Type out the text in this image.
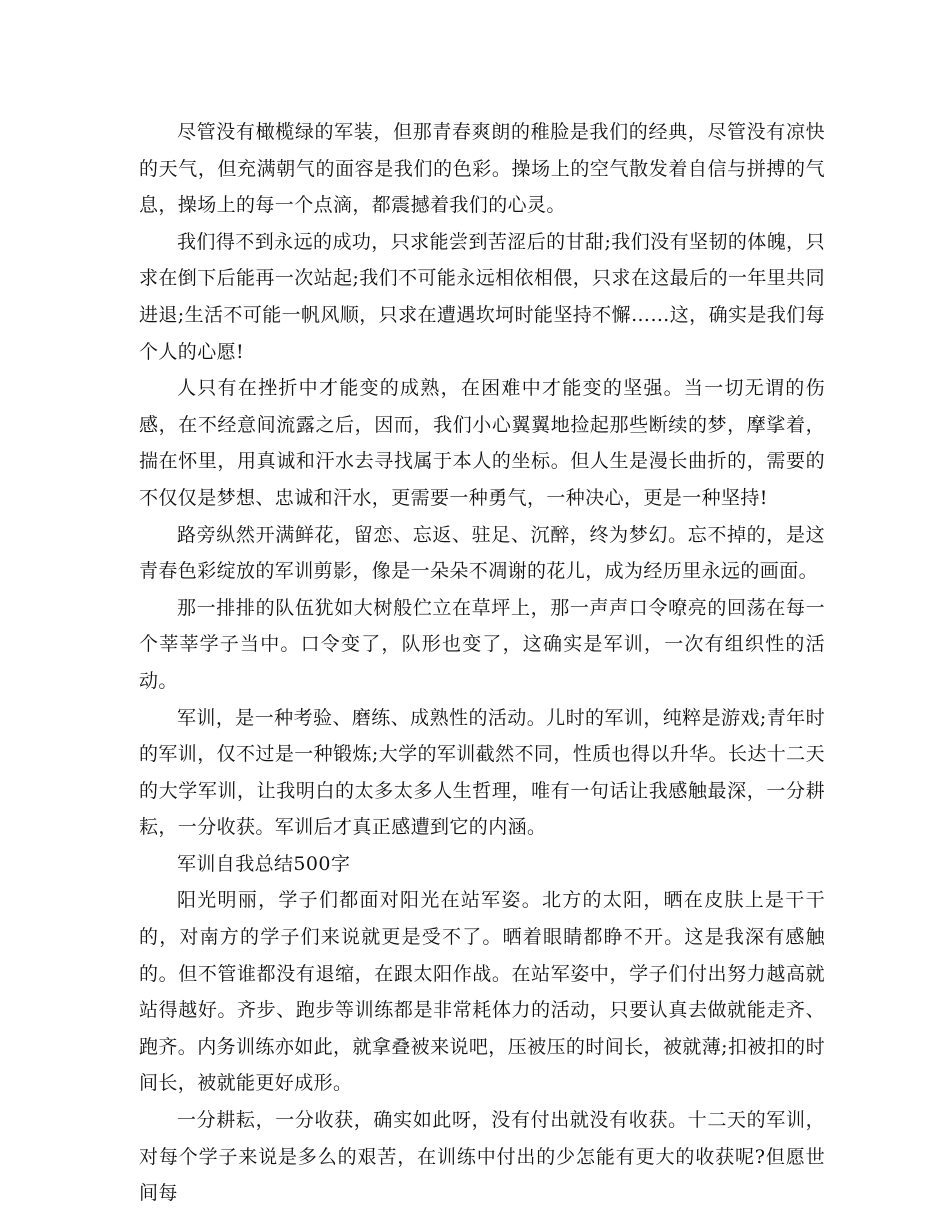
尽管没有橄榄绿的军装，但那青春爽朗的稚脸是我们的经典，尽管没有凉快的天气，但充满朝气的面容是我们的色彩。操场上的空气散发着自信与拼搏的气息，操场上的每一个点滴，都震撼着我们的心灵。

我们得不到永远的成功，只求能尝到苦涩后的甘甜;我们没有坚韧的体魄，只求在倒下后能再一次站起;我们不可能永远相依相偎，只求在这最后的一年里共同进退;生活不可能一帆风顺，只求在遭遇坎坷时能坚持不懈……这，确实是我们每个人的心愿!

人只有在挫折中才能变的成熟，在困难中才能变的坚强。当一切无谓的伤感，在不经意间流露之后，因而，我们小心翼翼地捡起那些断续的梦，摩挲着，揣在怀里，用真诚和汗水去寻找属于本人的坐标。但人生是漫长曲折的，需要的不仅仅是梦想、忠诚和汗水，更需要一种勇气，一种决心，更是一种坚持!

路旁纵然开满鲜花，留恋、忘返、驻足、沉醉，终为梦幻。忘不掉的，是这青春色彩绽放的军训剪影，像是一朵朵不凋谢的花儿，成为经历里永远的画面。

那一排排的队伍犹如大树般伫立在草坪上，那一声声口令嘹亮的回荡在每一个莘莘学子当中。口令变了，队形也变了，这确实是军训，一次有组织性的活动。

军训，是一种考验、磨练、成熟性的活动。儿时的军训，纯粹是游戏;青年时的军训，仅不过是一种锻炼;大学的军训截然不同，性质也得以升华。长达十二天的大学军训，让我明白的太多太多人生哲理，唯有一句话让我感触最深，一分耕耘，一分收获。军训后才真正感遭到它的内涵。

军训自我总结500字

阳光明丽，学子们都面对阳光在站军姿。北方的太阳，晒在皮肤上是干干的，对南方的学子们来说就更是受不了。晒着眼睛都睁不开。这是我深有感触的。但不管谁都没有退缩，在跟太阳作战。在站军姿中，学子们付出努力越高就站得越好。齐步、跑步等训练都是非常耗体力的活动，只要认真去做就能走齐、跑齐。内务训练亦如此，就拿叠被来说吧，压被压的时间长，被就薄;扣被扣的时间长，被就能更好成形。

一分耕耘，一分收获，确实如此呀，没有付出就没有收获。十二天的军训，对每个学子来说是多么的艰苦，在训练中付出的少怎能有更大的收获呢?但愿世间每
